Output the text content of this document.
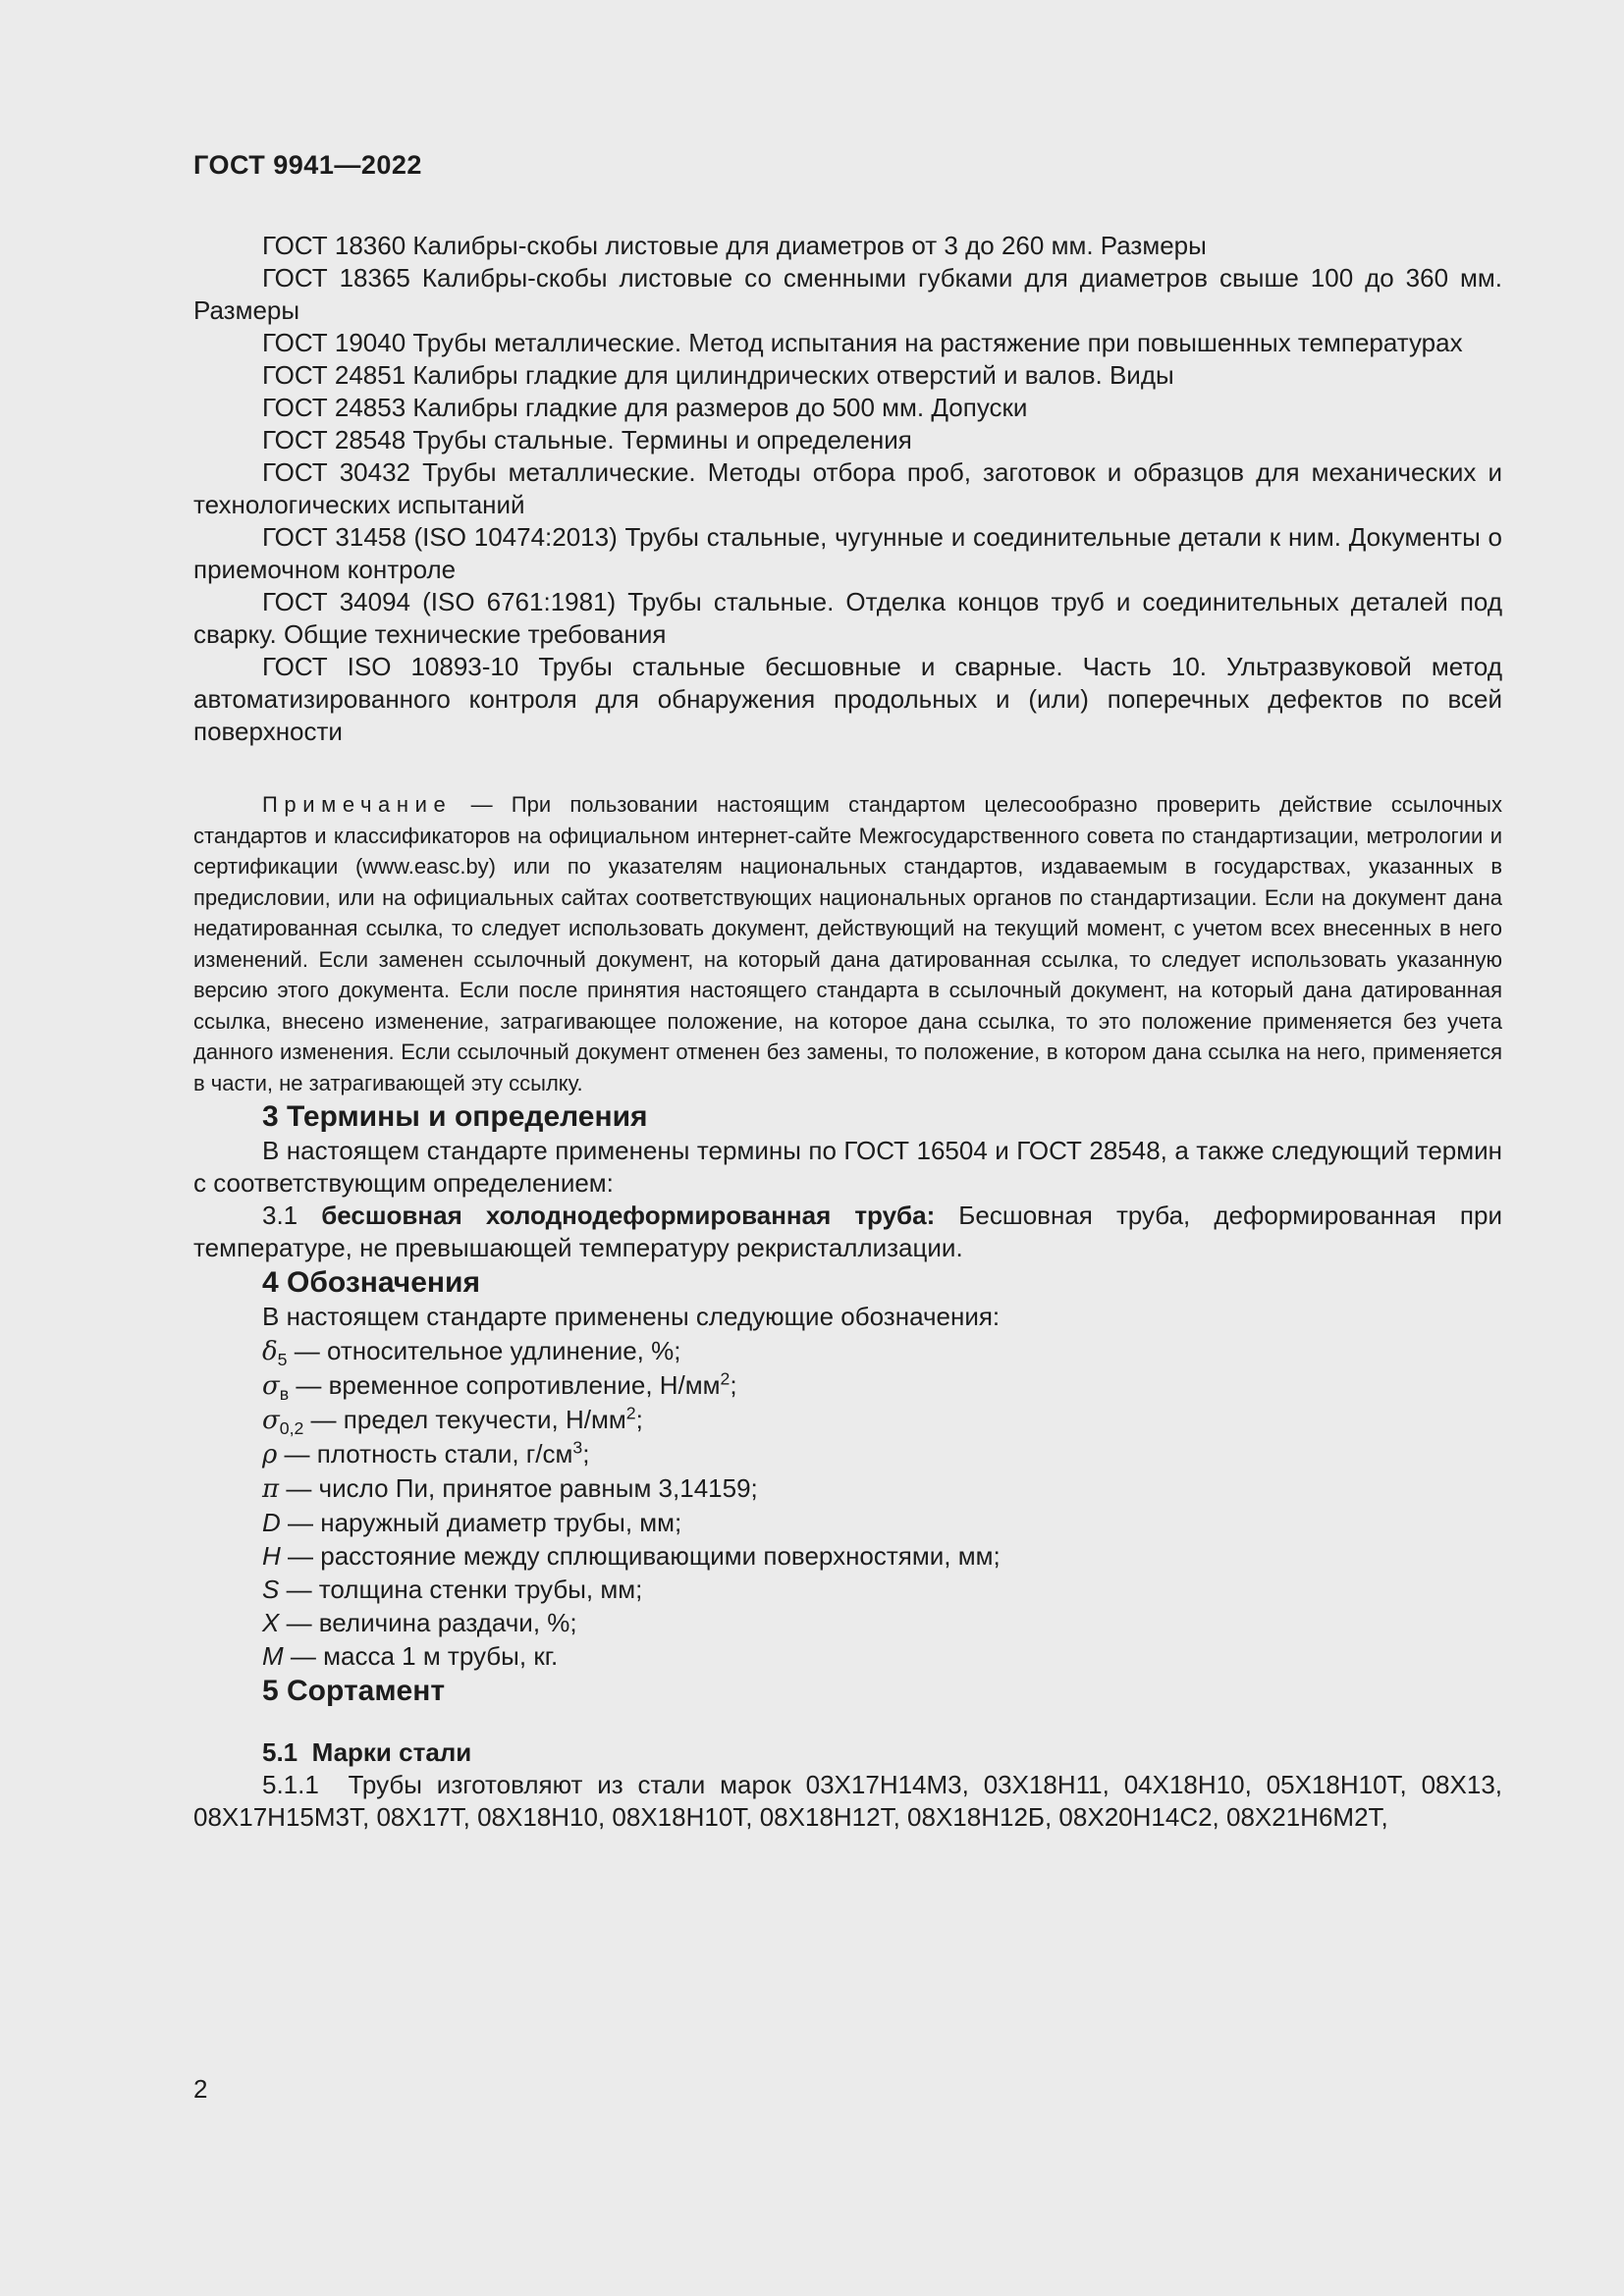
ГОСТ 9941—2022

ГОСТ 18360 Калибры-скобы листовые для диаметров от 3 до 260 мм. Размеры

ГОСТ 18365 Калибры-скобы листовые со сменными губками для диаметров свыше 100 до 360 мм. Размеры

ГОСТ 19040 Трубы металлические. Метод испытания на растяжение при повышенных температурах

ГОСТ 24851 Калибры гладкие для цилиндрических отверстий и валов. Виды

ГОСТ 24853 Калибры гладкие для размеров до 500 мм. Допуски

ГОСТ 28548 Трубы стальные. Термины и определения

ГОСТ 30432 Трубы металлические. Методы отбора проб, заготовок и образцов для механических и технологических испытаний

ГОСТ 31458 (ISO 10474:2013) Трубы стальные, чугунные и соединительные детали к ним. Документы о приемочном контроле

ГОСТ 34094 (ISO 6761:1981) Трубы стальные. Отделка концов труб и соединительных деталей под сварку. Общие технические требования

ГОСТ ISO 10893-10 Трубы стальные бесшовные и сварные. Часть 10. Ультразвуковой метод автоматизированного контроля для обнаружения продольных и (или) поперечных дефектов по всей поверхности

Примечание — При пользовании настоящим стандартом целесообразно проверить действие ссылочных стандартов и классификаторов на официальном интернет-сайте Межгосударственного совета по стандартизации, метрологии и сертификации (www.easc.by) или по указателям национальных стандартов, издаваемым в государствах, указанных в предисловии, или на официальных сайтах соответствующих национальных органов по стандартизации. Если на документ дана недатированная ссылка, то следует использовать документ, действующий на текущий момент, с учетом всех внесенных в него изменений. Если заменен ссылочный документ, на который дана датированная ссылка, то следует использовать указанную версию этого документа. Если после принятия настоящего стандарта в ссылочный документ, на который дана датированная ссылка, внесено изменение, затрагивающее положение, на которое дана ссылка, то это положение применяется без учета данного изменения. Если ссылочный документ отменен без замены, то положение, в котором дана ссылка на него, применяется в части, не затрагивающей эту ссылку.

3 Термины и определения

В настоящем стандарте применены термины по ГОСТ 16504 и ГОСТ 28548, а также следующий термин с соответствующим определением:

3.1 бесшовная холоднодеформированная труба: Бесшовная труба, деформированная при температуре, не превышающей температуру рекристаллизации.

4 Обозначения

В настоящем стандарте применены следующие обозначения:

$\delta_5$ — относительное удлинение, %;

$\sigma_в$ — временное сопротивление, $Н/мм^2$;

$\sigma_{0,2}$ — предел текучести, $Н/мм^2$;

ρ — плотность стали, $г/см^3$;

π — число Пи, принятое равным 3,14159;

D — наружный диаметр трубы, мм;

H — расстояние между сплющивающими поверхностями, мм;

S — толщина стенки трубы, мм;

X — величина раздачи, %;

M — масса 1 м трубы, кг.

5 Сортамент
5.1  Марки стали

5.1.1  Трубы изготовляют из стали марок 03Х17Н14М3, 03Х18Н11, 04Х18Н10, 05Х18Н10Т, 08Х13, 08Х17Н15М3Т, 08Х17Т, 08Х18Н10, 08Х18Н10Т, 08Х18Н12Т, 08Х18Н12Б, 08Х20Н14С2, 08Х21Н6М2Т,

2
